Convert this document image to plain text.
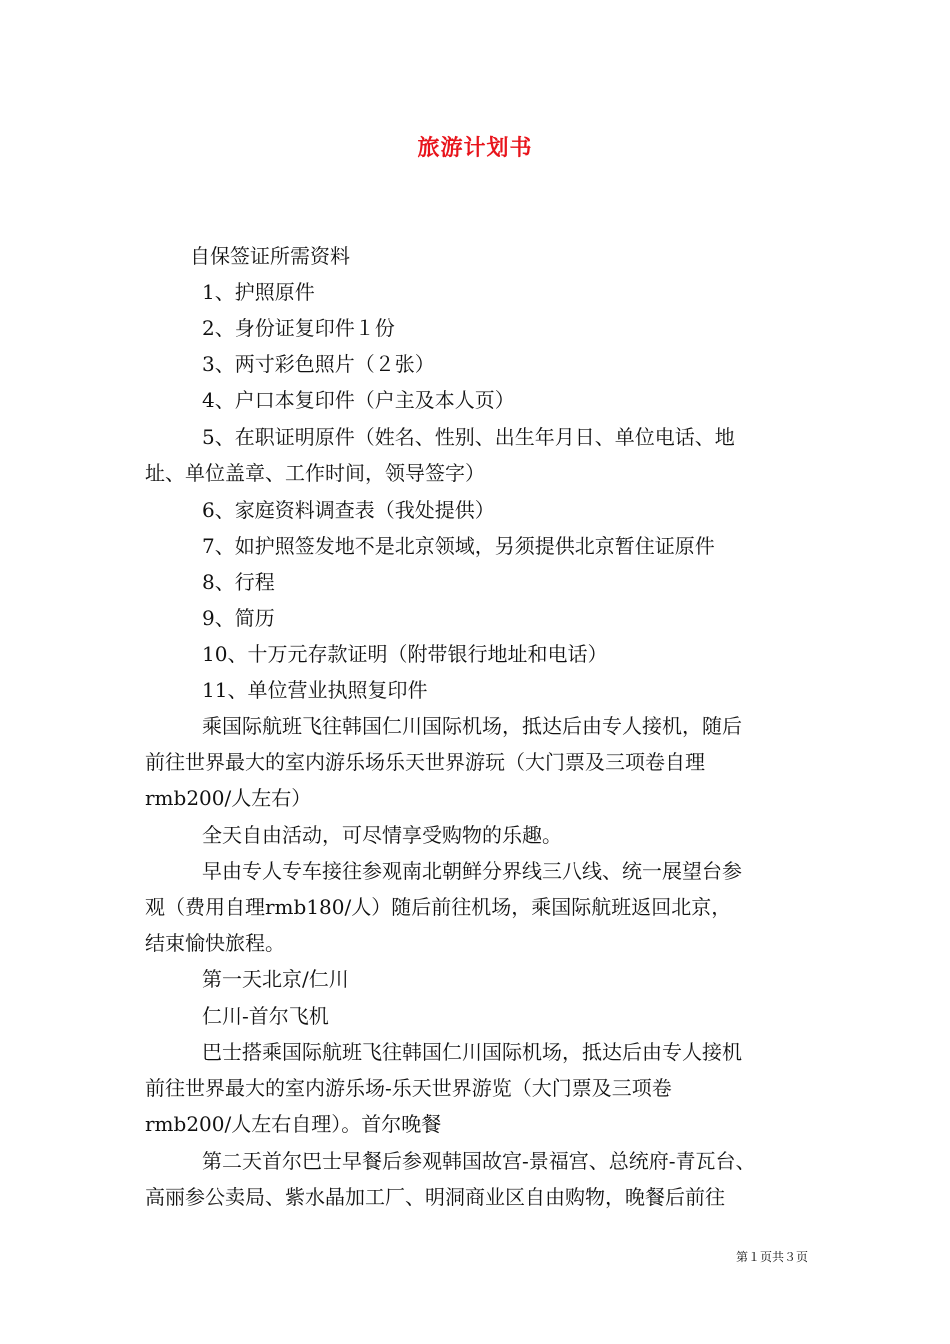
旅游计划书
自保签证所需资料
1、护照原件
2、身份证复印件１份
3、两寸彩色照片（２张）
4、户口本复印件（户主及本人页）
5、在职证明原件（姓名、性别、出生年月日、单位电话、地
址、单位盖章、工作时间，领导签字）
6、家庭资料调查表（我处提供）
7、如护照签发地不是北京领域，另须提供北京暂住证原件
8、行程
9、简历
10、十万元存款证明（附带银行地址和电话）
11、单位营业执照复印件
乘国际航班飞往韩国仁川国际机场，抵达后由专人接机，随后
前往世界最大的室内游乐场乐天世界游玩（大门票及三项卷自理
rmb200/人左右）
全天自由活动，可尽情享受购物的乐趣。
早由专人专车接往参观南北朝鲜分界线三八线、统一展望台参
观（费用自理rmb180/人）随后前往机场，乘国际航班返回北京，
结束愉快旅程。
第一天北京/仁川
仁川-首尔飞机
巴士搭乘国际航班飞往韩国仁川国际机场，抵达后由专人接机
前往世界最大的室内游乐场-乐天世界游览（大门票及三项卷
rmb200/人左右自理）。首尔晚餐
第二天首尔巴士早餐后参观韩国故宫-景福宫、总统府-青瓦台、
高丽参公卖局、紫水晶加工厂、明洞商业区自由购物，晚餐后前往
第１页共３页
